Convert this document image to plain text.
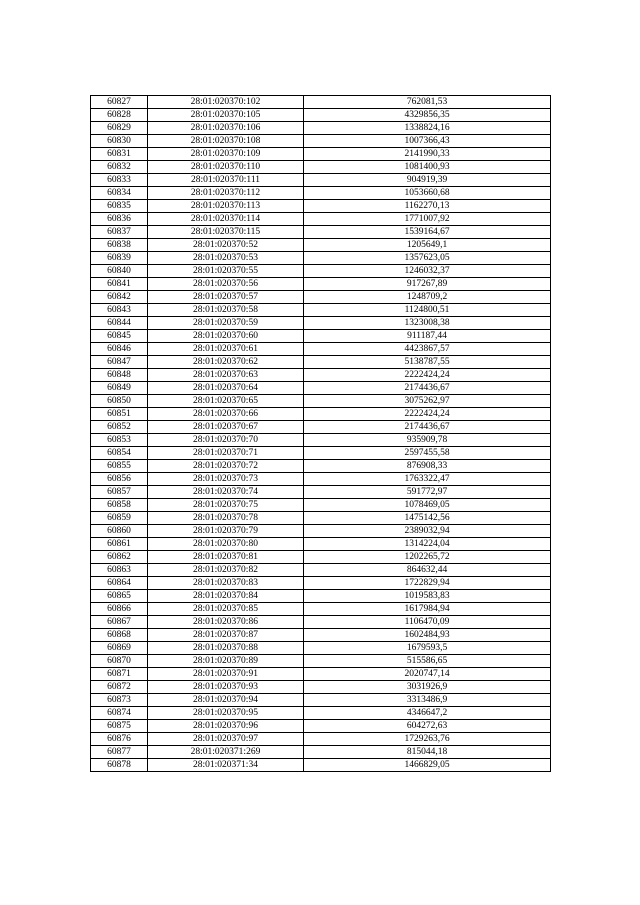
60827	28:01:020370:102	762081,53
60828	28:01:020370:105	4329856,35
60829	28:01:020370:106	1338824,16
60830	28:01:020370:108	1007366,43
60831	28:01:020370:109	2141990,33
60832	28:01:020370:110	1081400,93
60833	28:01:020370:111	904919,39
60834	28:01:020370:112	1053660,68
60835	28:01:020370:113	1162270,13
60836	28:01:020370:114	1771007,92
60837	28:01:020370:115	1539164,67
60838	28:01:020370:52	1205649,1
60839	28:01:020370:53	1357623,05
60840	28:01:020370:55	1246032,37
60841	28:01:020370:56	917267,89
60842	28:01:020370:57	1248709,2
60843	28:01:020370:58	1124800,51
60844	28:01:020370:59	1323008,38
60845	28:01:020370:60	911187,44
60846	28:01:020370:61	4423867,57
60847	28:01:020370:62	5138787,55
60848	28:01:020370:63	2222424,24
60849	28:01:020370:64	2174436,67
60850	28:01:020370:65	3075262,97
60851	28:01:020370:66	2222424,24
60852	28:01:020370:67	2174436,67
60853	28:01:020370:70	935909,78
60854	28:01:020370:71	2597455,58
60855	28:01:020370:72	876908,33
60856	28:01:020370:73	1763322,47
60857	28:01:020370:74	591772,97
60858	28:01:020370:75	1078469,05
60859	28:01:020370:78	1475142,56
60860	28:01:020370:79	2389032,94
60861	28:01:020370:80	1314224,04
60862	28:01:020370:81	1202265,72
60863	28:01:020370:82	864632,44
60864	28:01:020370:83	1722829,94
60865	28:01:020370:84	1019583,83
60866	28:01:020370:85	1617984,94
60867	28:01:020370:86	1106470,09
60868	28:01:020370:87	1602484,93
60869	28:01:020370:88	1679593,5
60870	28:01:020370:89	515586,65
60871	28:01:020370:91	2020747,14
60872	28:01:020370:93	3031926,9
60873	28:01:020370:94	3313486,9
60874	28:01:020370:95	4346647,2
60875	28:01:020370:96	604272,63
60876	28:01:020370:97	1729263,76
60877	28:01:020371:269	815044,18
60878	28:01:020371:34	1466829,05
